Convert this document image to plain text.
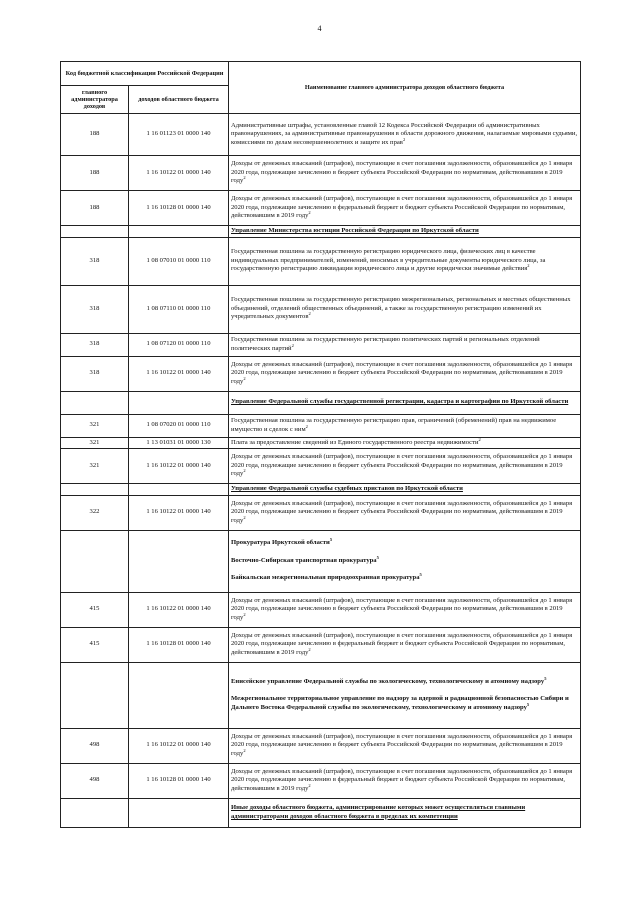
4
Код бюджетной классификации Российской Федерации		Наименование главного администратора доходов областного бюджета
главного администратора доходов	доходов областного бюджета	
188	1 16 01123 01 0000 140	Административные штрафы, установленные главой 12 Кодекса Российской Федерации об административных правонарушениях, за административные правонарушения в области дорожного движения, налагаемые мировыми судьями, комиссиями по делам несовершеннолетних и защите их прав$^2$
188	1 16 10122 01 0000 140	Доходы от денежных взысканий (штрафов), поступающие в счет погашения задолженности, образовавшейся до 1 января 2020 года, подлежащие зачислению в бюджет субъекта Российской Федерации по нормативам, действовавшим в 2019 году$^2$
188	1 16 10128 01 0000 140	Доходы от денежных взысканий (штрафов), поступающие в счет погашения задолженности, образовавшейся до 1 января 2020 года, подлежащие зачислению в федеральный бюджет и бюджет субъекта Российской Федерации по нормативам, действовавшим в 2019 году$^2$
		Управление Министерства юстиции Российской Федерации по Иркутской области
318	1 08 07010 01 0000 110	Государственная пошлина за государственную регистрацию юридического лица, физических лиц в качестве индивидуальных предпринимателей, изменений, вносимых в учредительные документы юридического лица, за государственную регистрацию ликвидации юридического лица и другие юридически значимые действия$^2$
318	1 08 07110 01 0000 110	Государственная пошлина за государственную регистрацию межрегиональных, региональных и местных общественных объединений, отделений общественных объединений, а также за государственную регистрацию изменений их учредительных документов$^2$
318	1 08 07120 01 0000 110	Государственная пошлина за государственную регистрацию политических партий и региональных отделений политических партий$^2$
318	1 16 10122 01 0000 140	Доходы от денежных взысканий (штрафов), поступающие в счет погашения задолженности, образовавшейся до 1 января 2020 года, подлежащие зачислению в бюджет субъекта Российской Федерации по нормативам, действовавшим в 2019 году$^2$
		Управление Федеральной службы государственной регистрации, кадастра и картографии по Иркутской области
321	1 08 07020 01 0000 110	Государственная пошлина за государственную регистрацию прав, ограничений (обременений) прав на недвижимое имущество и сделок с ним$^2$
321	1 13 01031 01 0000 130	Плата за предоставление сведений из Единого государственного реестра недвижимости$^2$
321	1 16 10122 01 0000 140	Доходы от денежных взысканий (штрафов), поступающие в счет погашения задолженности, образовавшейся до 1 января 2020 года, подлежащие зачислению в бюджет субъекта Российской Федерации по нормативам, действовавшим в 2019 году$^2$
		Управление Федеральной службы судебных приставов по Иркутской области
322	1 16 10122 01 0000 140	Доходы от денежных взысканий (штрафов), поступающие в счет погашения задолженности, образовавшейся до 1 января 2020 года, подлежащие зачислению в бюджет субъекта Российской Федерации по нормативам, действовавшим в 2019 году$^2$

		Прокуратура Иркутской области$^5$
Восточно-Сибирская транспортная прокуратура$^5$
Байкальская межрегиональная природоохранная прокуратура$^5$

415	1 16 10122 01 0000 140	Доходы от денежных взысканий (штрафов), поступающие в счет погашения задолженности, образовавшейся до 1 января 2020 года, подлежащие зачислению в бюджет субъекта Российской Федерации по нормативам, действовавшим в 2019 году$^2$
415	1 16 10128 01 0000 140	Доходы от денежных взысканий (штрафов), поступающие в счет погашения задолженности, образовавшейся до 1 января 2020 года, подлежащие зачислению в федеральный бюджет и бюджет субъекта Российской Федерации по нормативам, действовавшим в 2019 году$^2$

		Енисейское управление Федеральной службы по экологическому, технологическому и атомному надзору$^5$
Межрегиональное территориальное управление по надзору за ядерной и радиационной безопасностью Сибири и Дальнего Востока Федеральной службы по экологическому, технологическому и атомному надзору$^5$

498	1 16 10122 01 0000 140	Доходы от денежных взысканий (штрафов), поступающие в счет погашения задолженности, образовавшейся до 1 января 2020 года, подлежащие зачислению в бюджет субъекта Российской Федерации по нормативам, действовавшим в 2019 году$^2$
498	1 16 10128 01 0000 140	Доходы от денежных взысканий (штрафов), поступающие в счет погашения задолженности, образовавшейся до 1 января 2020 года, подлежащие зачислению в федеральный бюджет и бюджет субъекта Российской Федерации по нормативам, действовавшим в 2019 году$^2$
		Иные доходы областного бюджета, администрирование которых может осуществляться главными администраторами доходов областного бюджета в пределах их компетенции
